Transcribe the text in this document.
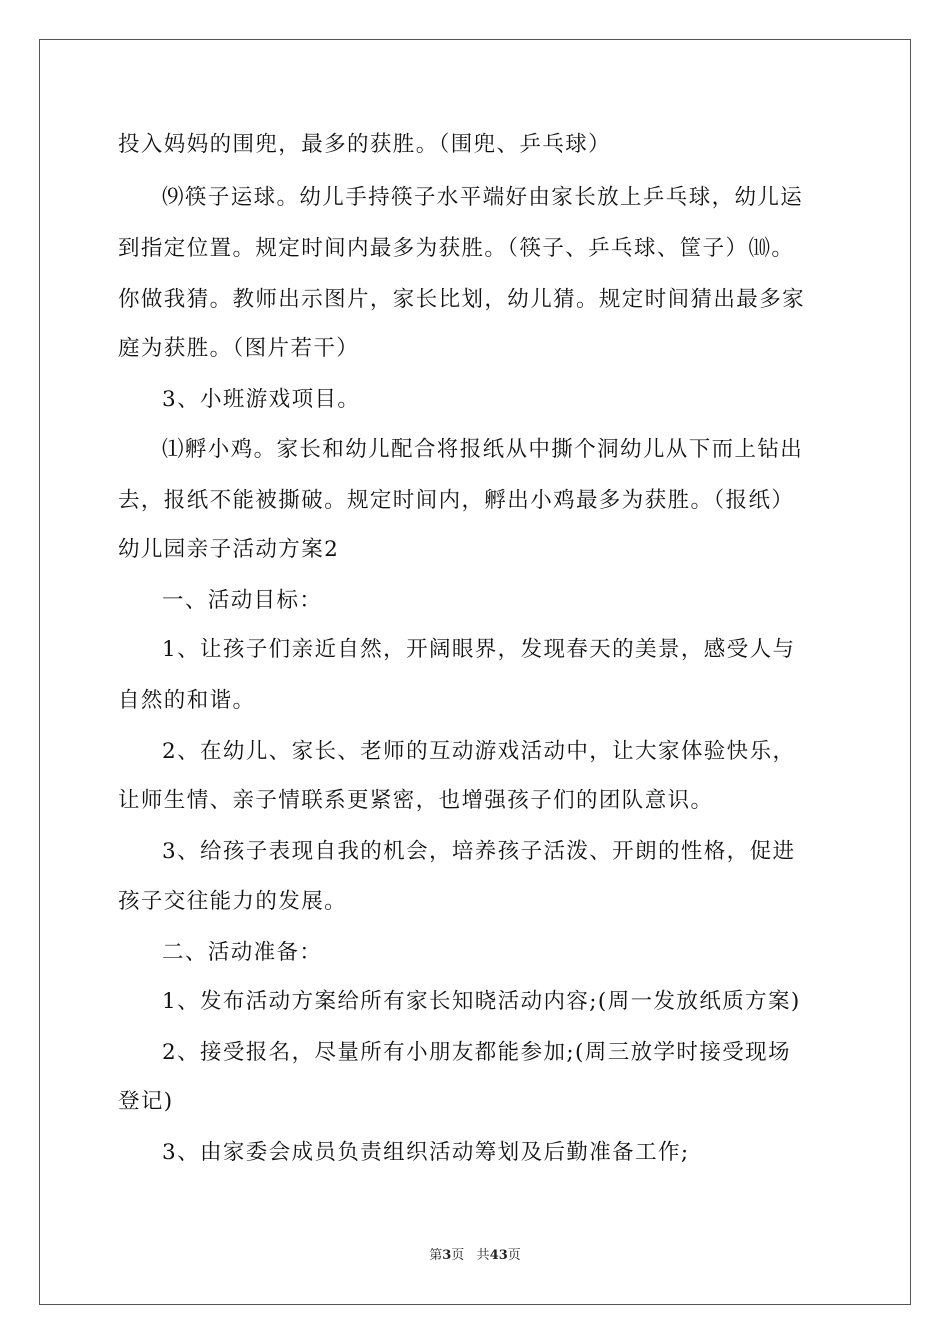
投入妈妈的围兜，最多的获胜。（围兜、乒乓球）
⑼筷子运球。幼儿手持筷子水平端好由家长放上乒乓球，幼儿运
到指定位置。规定时间内最多为获胜。（筷子、乒乓球、筐子）⑽。
你做我猜。教师出示图片，家长比划，幼儿猜。规定时间猜出最多家
庭为获胜。（图片若干）
3、小班游戏项目。
⑴孵小鸡。家长和幼儿配合将报纸从中撕个洞幼儿从下而上钻出
去，报纸不能被撕破。规定时间内，孵出小鸡最多为获胜。（报纸）
幼儿园亲子活动方案2
一、活动目标：
1、让孩子们亲近自然，开阔眼界，发现春天的美景，感受人与
自然的和谐。
2、在幼儿、家长、老师的互动游戏活动中，让大家体验快乐，
让师生情、亲子情联系更紧密，也增强孩子们的团队意识。
3、给孩子表现自我的机会，培养孩子活泼、开朗的性格，促进
孩子交往能力的发展。
二、活动准备：
1、发布活动方案给所有家长知晓活动内容;(周一发放纸质方案)
2、接受报名，尽量所有小朋友都能参加;(周三放学时接受现场
登记)
3、由家委会成员负责组织活动筹划及后勤准备工作;
第3页 共43页
